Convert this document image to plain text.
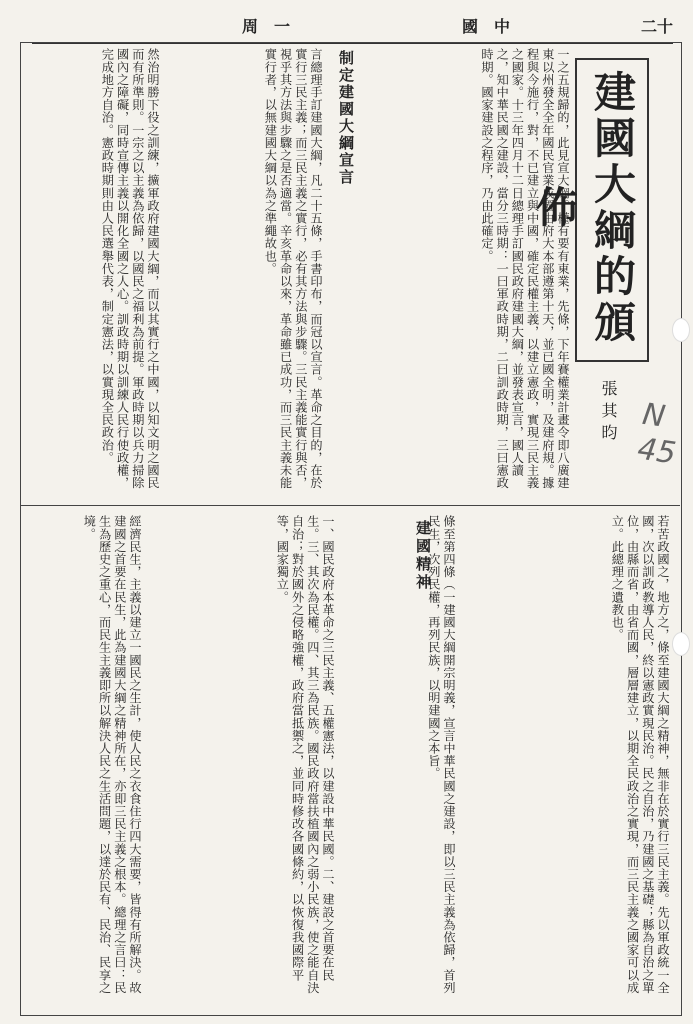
周　一	國　中	二十
建國大綱的頒佈
張其昀 N 45
一之五規歸的，此見宣大綱。權有要有東業，先條，下年賽權業計畫令即八廣建東以州發全全年國民官業成國由府大本部遵第十天，並已國全明，及建府規。據程與今施行，對，不已建立與中國，確定民權主義，以建立憲政，實現三民主義之國家。十三年四月十二日總理手訂國民政府建國大綱，並發表宣言，國人讀之，知中華民國之建設，當分三時期：一曰軍政時期，二曰訓政時期，三曰憲政時期。國家建設之程序，乃由此確定。
制定建國大綱宣言
言總理手訂建國大綱，凡二十五條，手書印布，而冠以宣言。革命之目的，在於實行三民主義；而三民主義之實行，必有其方法與步驟。三民主義能實行與否，視乎其方法與步驟之是否適當。辛亥革命以來，革命雖已成功，而三民主義未能實行者，以無建國大綱以為之準繩故也。
然治明勝下役之訓練，擴軍政府建國大綱，而以其實行之中國，以知文明之國民而有所準則。一宗之以主義為依歸，以國民之福利為前提。軍政時期以兵力掃除國內之障礙，同時宣傳主義以開化全國之人心。訓政時期以訓練人民行使政權，完成地方自治。憲政時期則由人民選舉代表，制定憲法，以實現全民政治。
若苦政國之，地方之，條至建國大綱之精神，無非在於實行三民主義。先以軍政統一全國，次以訓政教導人民，終以憲政實現民治。民之自治，乃建國之基礎；縣為自治之單位，由縣而省，由省而國，層層建立，以期全民政治之實現，而三民主義之國家可以成立。此總理之遺教也。
建國精神 條至第四條（一建國大綱開宗明義，宣言中華民國之建設，即以三民主義為依歸，首列民生，次列民權，再列民族，以明建國之本旨。
一、國民政府本革命之三民主義、五權憲法，以建設中華民國。二、建設之首要在民生。三、其次為民權。四、其三為民族。國民政府當扶植國內之弱小民族，使之能自決自治；對於國外之侵略強權，政府當抵禦之，並同時修改各國條約，以恢復我國際平等，國家獨立。
經濟民生，主義以建立一國民之生計，使人民之衣食住行四大需要，皆得有所解決。故建國之首要在民生，此為建國大綱之精神所在，亦即三民主義之根本。總理之言曰：民生為歷史之重心，而民生主義即所以解決人民之生活問題，以達於民有、民治、民享之境。
